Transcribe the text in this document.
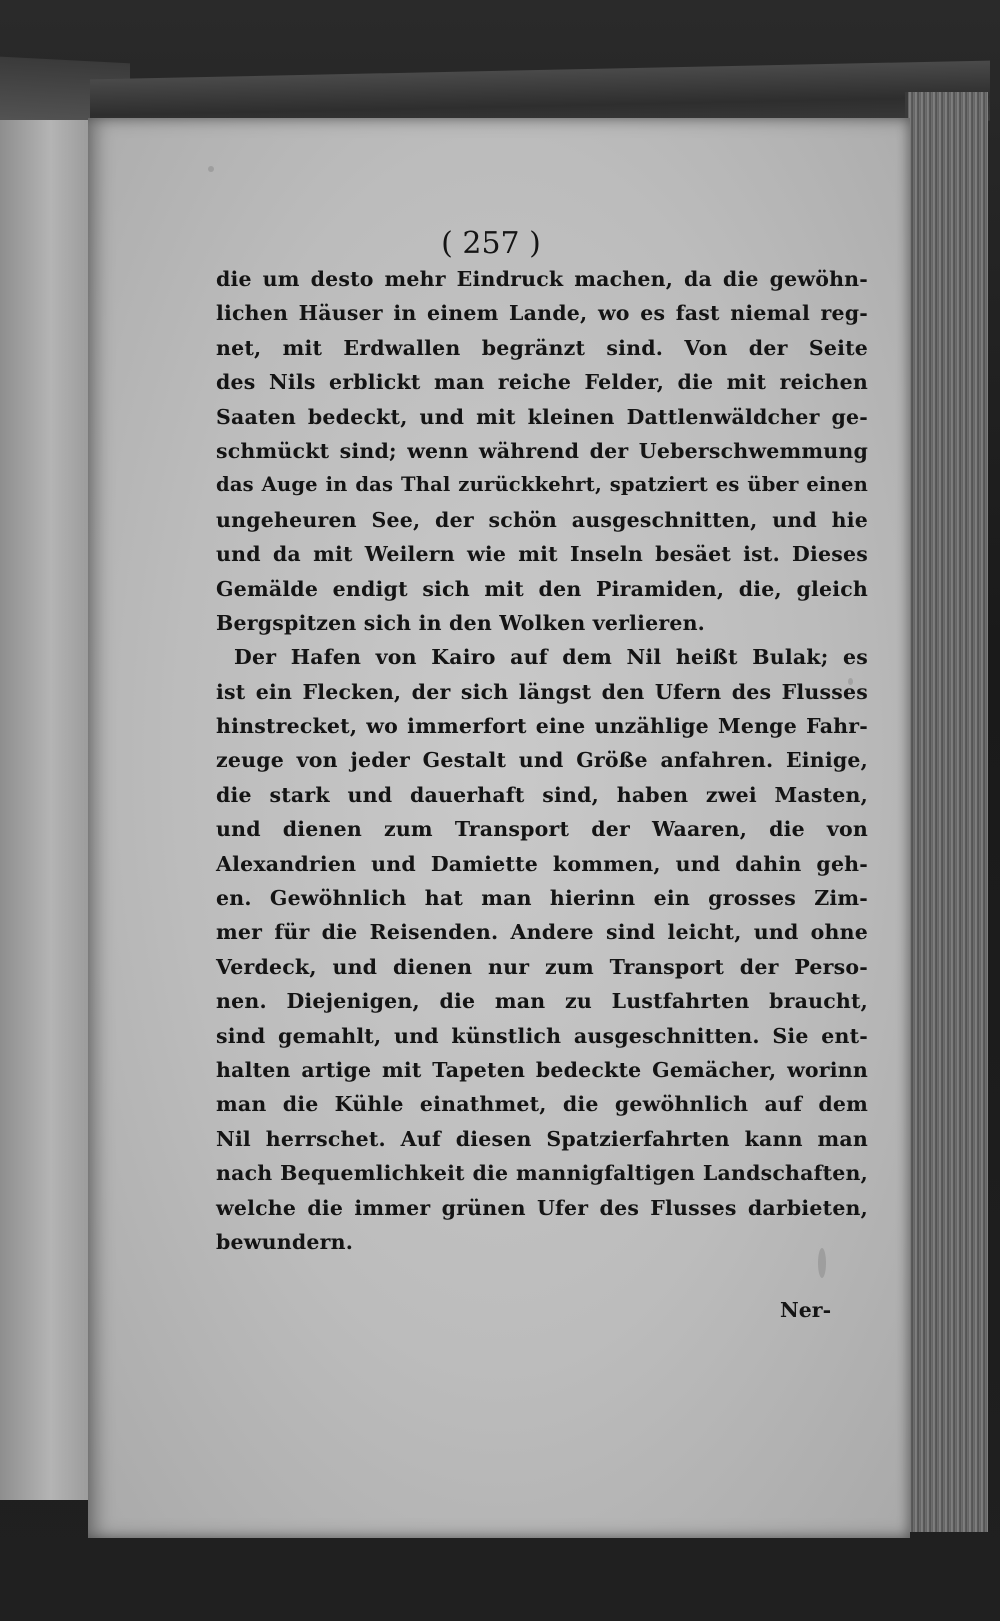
( 257 )
die um desto mehr Eindruck machen, da die gewöhn-
lichen Häuser in einem Lande, wo es fast niemal reg-
net, mit Erdwallen begränzt sind. Von der Seite
des Nils erblickt man reiche Felder, die mit reichen
Saaten bedeckt, und mit kleinen Dattlenwäldcher ge-
schmückt sind; wenn während der Ueberschwemmung
das Auge in das Thal zurückkehrt, spatziert es über einen
ungeheuren See, der schön ausgeschnitten, und hie
und da mit Weilern wie mit Inseln besäet ist. Dieses
Gemälde endigt sich mit den Piramiden, die, gleich
Bergspitzen sich in den Wolken verlieren.
Der Hafen von Kairo auf dem Nil heißt Bulak; es
ist ein Flecken, der sich längst den Ufern des Flusses
hinstrecket, wo immerfort eine unzählige Menge Fahr-
zeuge von jeder Gestalt und Größe anfahren. Einige,
die stark und dauerhaft sind, haben zwei Masten,
und dienen zum Transport der Waaren, die von
Alexandrien und Damiette kommen, und dahin geh-
en. Gewöhnlich hat man hierinn ein grosses Zim-
mer für die Reisenden. Andere sind leicht, und ohne
Verdeck, und dienen nur zum Transport der Perso-
nen. Diejenigen, die man zu Lustfahrten braucht,
sind gemahlt, und künstlich ausgeschnitten. Sie ent-
halten artige mit Tapeten bedeckte Gemächer, worinn
man die Kühle einathmet, die gewöhnlich auf dem
Nil herrschet. Auf diesen Spatzierfahrten kann man
nach Bequemlichkeit die mannigfaltigen Landschaften,
welche die immer grünen Ufer des Flusses darbieten,
bewundern.
Ner-
